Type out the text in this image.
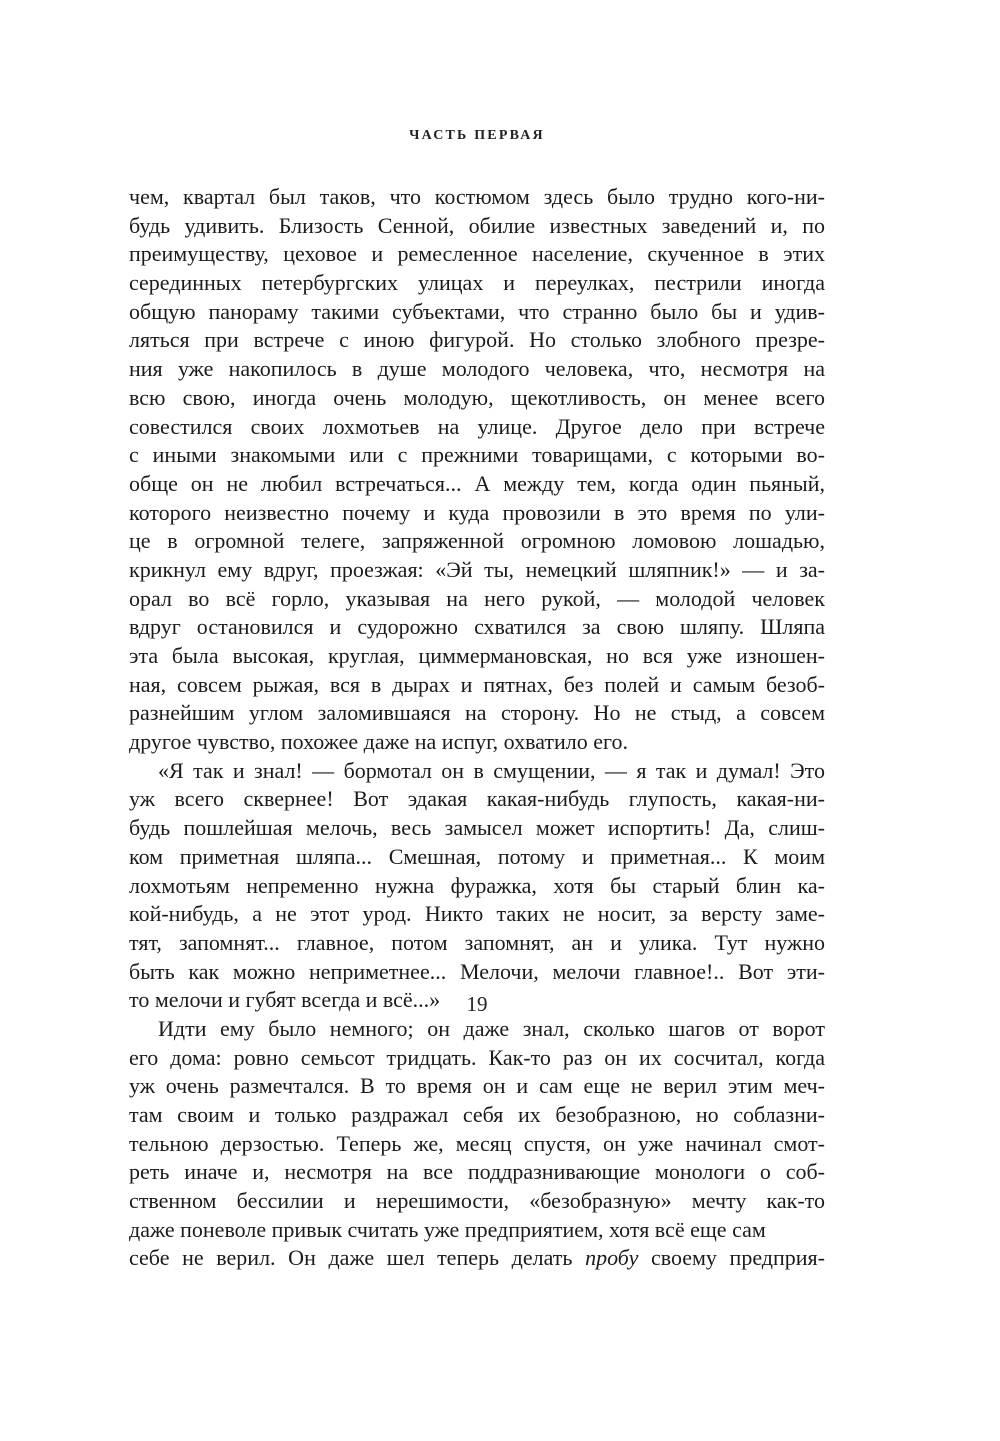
ЧАСТЬ ПЕРВАЯ
чем, квартал был таков, что костюмом здесь было трудно кого-ни-
будь удивить. Близость Сенной, обилие известных заведений и, по
преимуществу, цеховое и ремесленное население, скученное в этих
серединных петербургских улицах и переулках, пестрили иногда
общую панораму такими субъектами, что странно было бы и удив-
ляться при встрече с иною фигурой. Но столько злобного презре-
ния уже накопилось в душе молодого человека, что, несмотря на
всю свою, иногда очень молодую, щекотливость, он менее всего
совестился своих лохмотьев на улице. Другое дело при встрече
с иными знакомыми или с прежними товарищами, с которыми во-
обще он не любил встречаться... А между тем, когда один пьяный,
которого неизвестно почему и куда провозили в это время по ули-
це в огромной телеге, запряженной огромною ломовою лошадью,
крикнул ему вдруг, проезжая: «Эй ты, немецкий шляпник!» — и за-
орал во всё горло, указывая на него рукой, — молодой человек
вдруг остановился и судорожно схватился за свою шляпу. Шляпа
эта была высокая, круглая, циммермановская, но вся уже изношен-
ная, совсем рыжая, вся в дырах и пятнах, без полей и самым безоб-
разнейшим углом заломившаяся на сторону. Но не стыд, а совсем
другое чувство, похожее даже на испуг, охватило его.
«Я так и знал! — бормотал он в смущении, — я так и думал! Это
уж всего сквернее! Вот эдакая какая-нибудь глупость, какая-ни-
будь пошлейшая мелочь, весь замысел может испортить! Да, слиш-
ком приметная шляпа... Смешная, потому и приметная... К моим
лохмотьям непременно нужна фуражка, хотя бы старый блин ка-
кой-нибудь, а не этот урод. Никто таких не носит, за версту заме-
тят, запомнят... главное, потом запомнят, ан и улика. Тут нужно
быть как можно неприметнее... Мелочи, мелочи главное!.. Вот эти-
то мелочи и губят всегда и всё...»
Идти ему было немного; он даже знал, сколько шагов от ворот
его дома: ровно семьсот тридцать. Как-то раз он их сосчитал, когда
уж очень размечтался. В то время он и сам еще не верил этим меч-
там своим и только раздражал себя их безобразною, но соблазни-
тельною дерзостью. Теперь же, месяц спустя, он уже начинал смот-
реть иначе и, несмотря на все поддразнивающие монологи о соб-
ственном бессилии и нерешимости, «безобразную» мечту как-то
даже поневоле привык считать уже предприятием, хотя всё еще сам
себе не верил. Он даже шел теперь делать пробу своему предприя-
19
